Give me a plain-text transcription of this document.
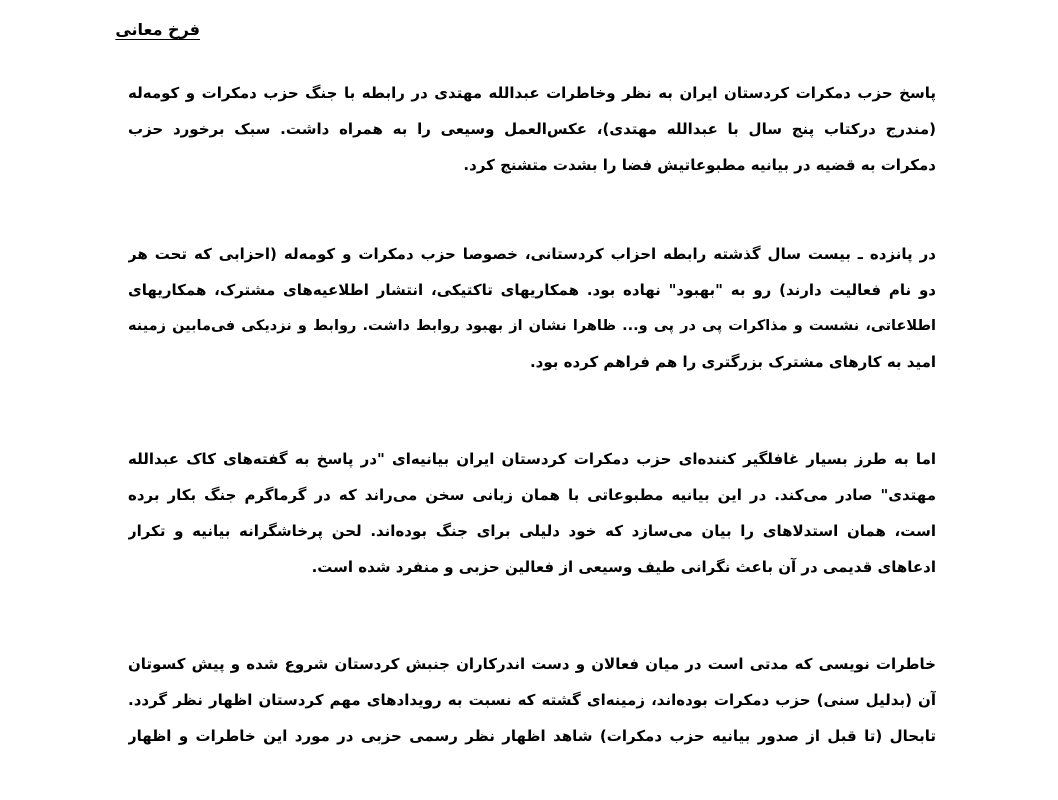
فرخ معانی
پاسخ حزب دمکرات کردستان ایران به نظر وخاطرات عبدالله مهتدی در رابطه با جنگ حزب دمکرات و کومه‌له
(مندرج درکتاب پنج سال با عبدالله مهتدی)، عکس‌العمل وسیعی را به همراه داشت. سبک برخورد حزب
دمکرات به قضیه در بیانیه مطبوعاتیش فضا را بشدت متشنج کرد.
در پانزده ـ بیست سال گذشته رابطه احزاب کردستانی، خصوصا حزب دمکرات و کومه‌له (احزابی که تحت هر
دو نام فعالیت دارند) رو به "بهبود" نهاده بود. همکاریهای تاکتیکی، انتشار اطلاعیه‌های مشترک، همکاریهای
اطلاعاتی، نشست و مذاکرات پی در پی و... ظاهرا نشان از بهبود روابط داشت. روابط و نزدیکی فی‌مابین زمینه
امید به کارهای مشترک بزرگتری را هم فراهم کرده بود.
اما به طرز بسیار غافلگیر کننده‌ای حزب دمکرات کردستان ایران بیانیه‌ای "در پاسخ به گفته‌های کاک عبدالله
مهتدی" صادر می‌کند. در این بیانیه مطبوعاتی با همان زبانی سخن می‌راند که در گرماگرم جنگ بکار برده
است، همان استدلاهای را بیان می‌سازد که خود دلیلی برای جنگ بوده‌اند. لحن پرخاشگرانه بیانیه و تکرار
ادعاهای قدیمی در آن باعث نگرانی طیف وسیعی از فعالین حزبی و منفرد شده است.
خاطرات نویسی که مدتی است در میان فعالان و دست اندرکاران جنبش کردستان شروع شده و پیش کسوتان
آن (بدلیل سنی) حزب دمکرات بوده‌اند، زمینه‌ای گشته که نسبت به رویدادهای مهم کردستان اظهار نظر گردد.
تابحال (تا قبل از صدور بیانیه حزب دمکرات) شاهد اظهار نظر رسمی حزبی در مورد این خاطرات و اظهار
